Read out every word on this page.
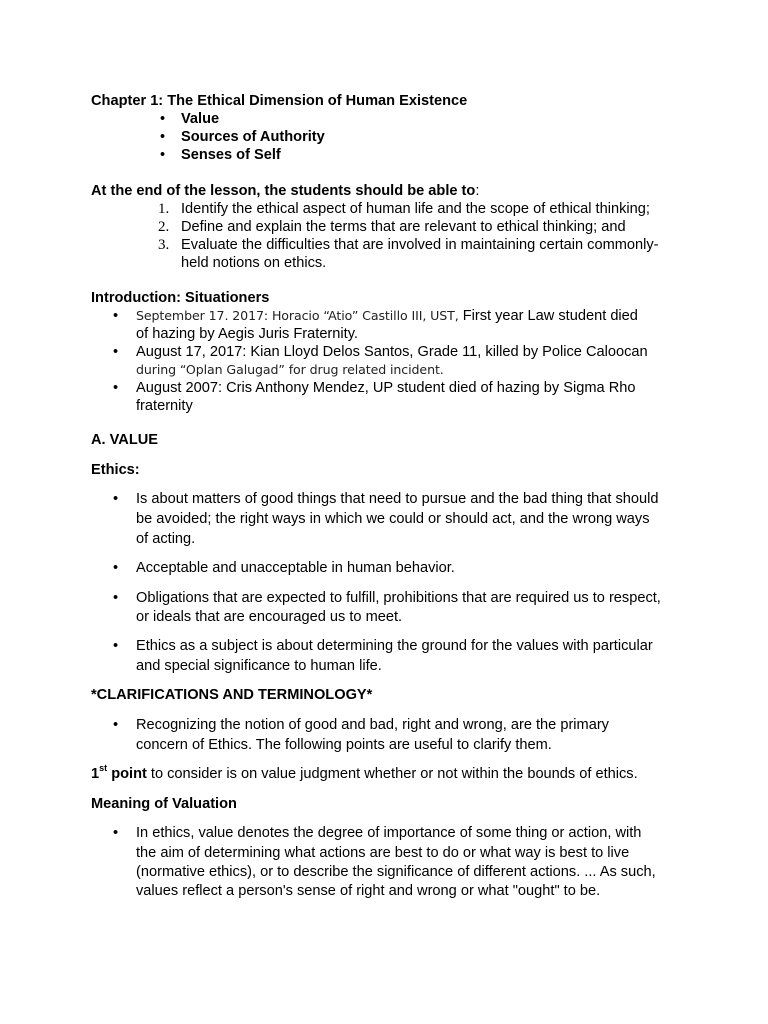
Chapter 1: The Ethical Dimension of Human Existence
• Value
• Sources of Authority
• Senses of Self
At the end of the lesson, the students should be able to:
1. Identify the ethical aspect of human life and the scope of ethical thinking;
2. Define and explain the terms that are relevant to ethical thinking; and
3. Evaluate the difficulties that are involved in maintaining certain commonly-
held notions on ethics.
Introduction: Situationers
• September 17. 2017: Horacio “Atio” Castillo III, UST, First year Law student died
of hazing by Aegis Juris Fraternity.
• August 17, 2017: Kian Lloyd Delos Santos, Grade 11, killed by Police Caloocan
during “Oplan Galugad” for drug related incident.
• August 2007: Cris Anthony Mendez, UP student died of hazing by Sigma Rho
fraternity
A. VALUE
Ethics:
• Is about matters of good things that need to pursue and the bad thing that should
be avoided; the right ways in which we could or should act, and the wrong ways
of acting.
• Acceptable and unacceptable in human behavior.
• Obligations that are expected to fulfill, prohibitions that are required us to respect,
or ideals that are encouraged us to meet.
• Ethics as a subject is about determining the ground for the values with particular
and special significance to human life.
*CLARIFICATIONS AND TERMINOLOGY*
• Recognizing the notion of good and bad, right and wrong, are the primary
concern of Ethics. The following points are useful to clarify them.
1st point to consider is on value judgment whether or not within the bounds of ethics.
Meaning of Valuation
• In ethics, value denotes the degree of importance of some thing or action, with
the aim of determining what actions are best to do or what way is best to live
(normative ethics), or to describe the significance of different actions. ... As such,
values reflect a person's sense of right and wrong or what "ought" to be.
